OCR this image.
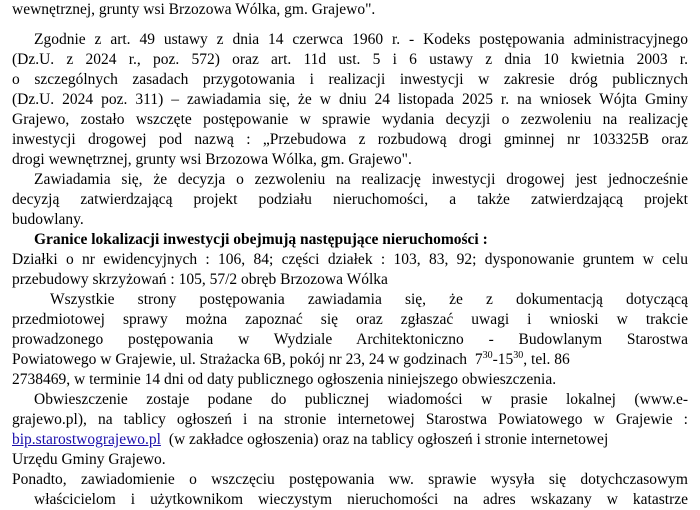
wewnętrznej, grunty wsi Brzozowa Wólka, gm. Grajewo".
Zgodnie z art. 49 ustawy z dnia 14 czerwca 1960 r. - Kodeks postępowania administracyjnego
(Dz.U. z 2024 r., poz. 572) oraz art. 11d ust. 5 i 6 ustawy z dnia 10 kwietnia 2003 r.
o szczególnych zasadach przygotowania i realizacji inwestycji w zakresie dróg publicznych
(Dz.U. 2024 poz. 311) – zawiadamia się, że w dniu 24 listopada 2025 r. na wniosek Wójta Gminy
Grajewo, zostało wszczęte postępowanie w sprawie wydania decyzji o zezwoleniu na realizację
inwestycji drogowej pod nazwą : „Przebudowa z rozbudową drogi gminnej nr 103325B oraz
drogi wewnętrznej, grunty wsi Brzozowa Wólka, gm. Grajewo".
Zawiadamia się, że decyzja o zezwoleniu na realizację inwestycji drogowej jest jednocześnie
decyzją zatwierdzającą projekt podziału nieruchomości, a także zatwierdzającą projekt
budowlany.
Granice lokalizacji inwestycji obejmują następujące nieruchomości :
Działki o nr ewidencyjnych : 106, 84; części działek : 103, 83, 92; dysponowanie gruntem w celu
przebudowy skrzyżowań : 105, 57/2 obręb Brzozowa Wólka
Wszystkie strony postępowania zawiadamia się, że z dokumentacją dotyczącą
przedmiotowej sprawy można zapoznać się oraz zgłaszać uwagi i wnioski w trakcie
prowadzonego postępowania w Wydziale Architektoniczno - Budowlanym Starostwa
Powiatowego w Grajewie, ul. Strażacka 6B, pokój nr 23, 24 w godzinach $7^{30}-15^{30}$, tel. 86
2738469, w terminie 14 dni od daty publicznego ogłoszenia niniejszego obwieszczenia.
Obwieszczenie zostaje podane do publicznej wiadomości w prasie lokalnej (www.e-
grajewo.pl), na tablicy ogłoszeń i na stronie internetowej Starostwa Powiatowego w Grajewie :
bip.starostwograjewo.pl (w zakładce ogłoszenia) oraz na tablicy ogłoszeń i stronie internetowej
Urzędu Gminy Grajewo.
Ponadto, zawiadomienie o wszczęciu postępowania ww. sprawie wysyła się dotychczasowym
właścicielom i użytkownikom wieczystym nieruchomości na adres wskazany w katastrze
